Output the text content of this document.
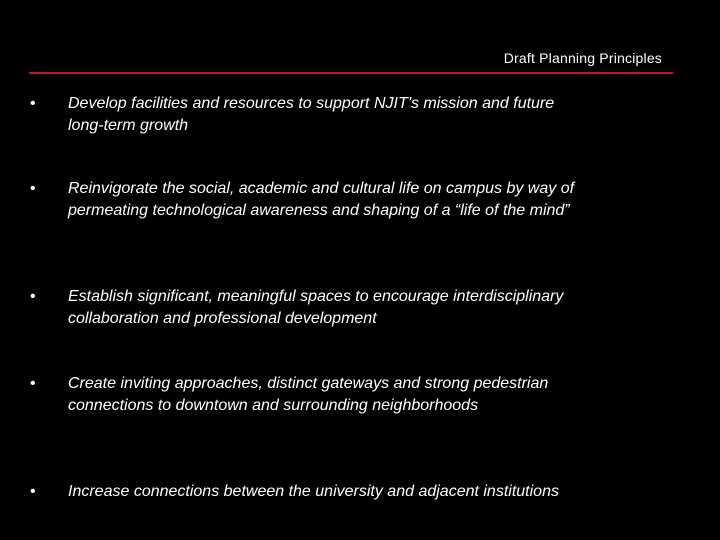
Draft Planning Principles
• Develop facilities and resources to support NJIT’s mission and future long-term growth
• Reinvigorate the social, academic and cultural life on campus by way of permeating technological awareness and shaping of a “life of the mind”
• Establish significant, meaningful spaces to encourage interdisciplinary collaboration and professional development
• Create inviting approaches, distinct gateways and strong pedestrian connections to downtown and surrounding neighborhoods
• Increase connections between the university and adjacent institutions
